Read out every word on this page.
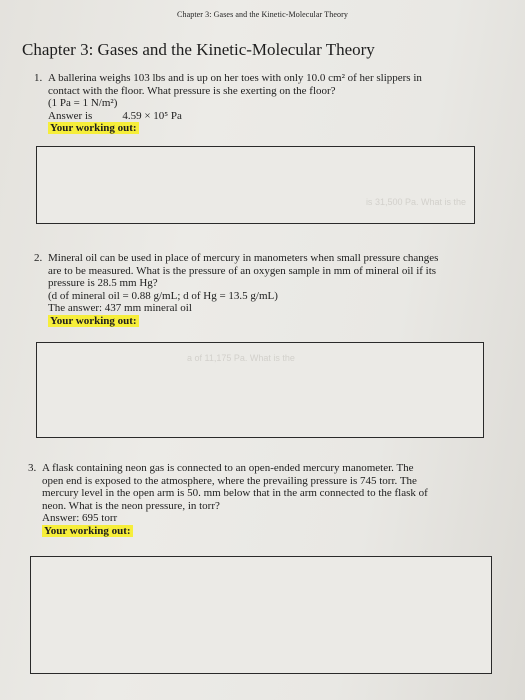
Chapter 3: Gases and the Kinetic-Molecular Theory
Chapter 3: Gases and the Kinetic-Molecular Theory
1. A ballerina weighs 103 lbs and is up on her toes with only 10.0 cm² of her slippers in
contact with the floor. What pressure is she exerting on the floor?
(1 Pa = 1 N/m²)
Answer is	4.59 × 10⁵ Pa
Your working out:
is 31,500 Pa. What is the
2. Mineral oil can be used in place of mercury in manometers when small pressure changes
are to be measured. What is the pressure of an oxygen sample in mm of mineral oil if its
pressure is 28.5 mm Hg?
(d of mineral oil = 0.88 g/mL; d of Hg = 13.5 g/mL)
The answer: 437 mm mineral oil
Your working out:
a of 11,175 Pa. What is the
3. A flask containing neon gas is connected to an open-ended mercury manometer. The
open end is exposed to the atmosphere, where the prevailing pressure is 745 torr. The
mercury level in the open arm is 50. mm below that in the arm connected to the flask of
neon. What is the neon pressure, in torr?
Answer: 695 torr
Your working out:
